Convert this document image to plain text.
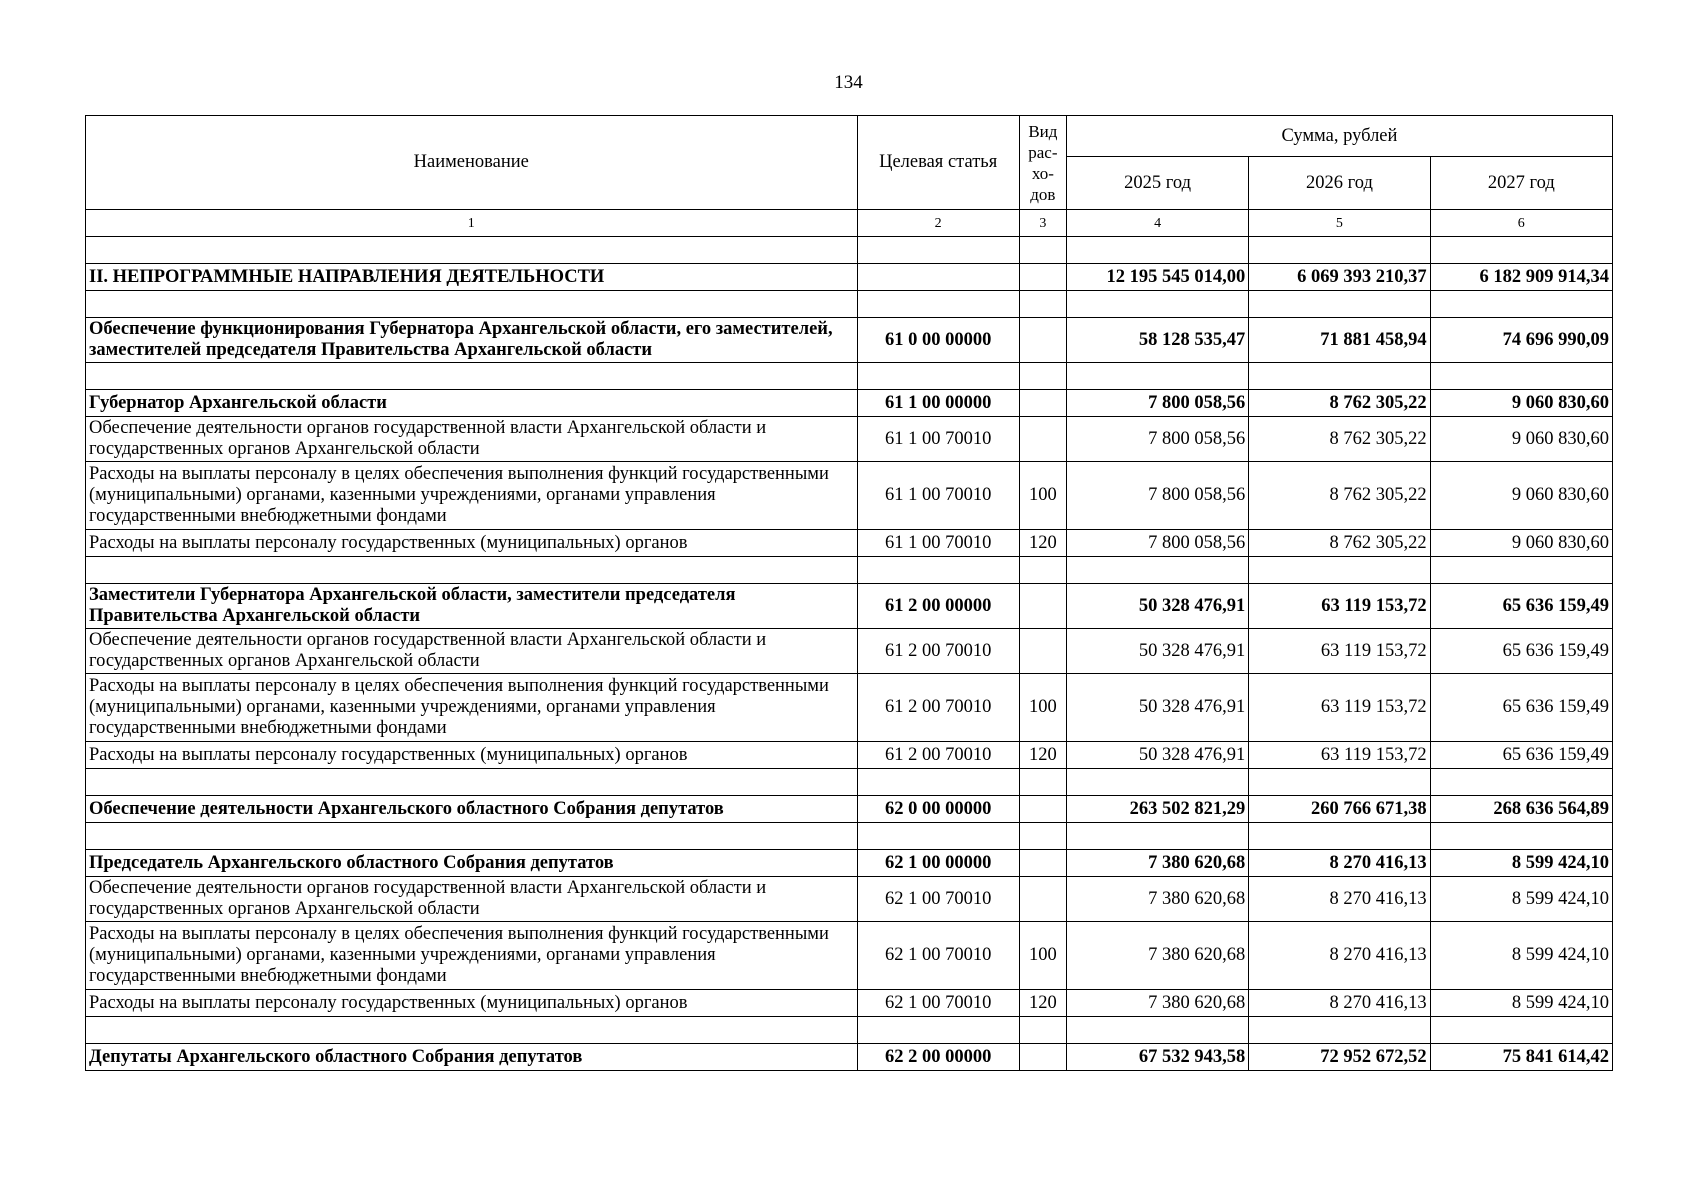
134
Наименование	Целевая статья	Вид рас-хо-дов	Сумма, рублей		
			2025 год	2026 год	2027 год
1	2	3	4	5	6

II. НЕПРОГРАММНЫЕ НАПРАВЛЕНИЯ ДЕЯТЕЛЬНОСТИ			12 195 545 014,00	6 069 393 210,37	6 182 909 914,34

Обеспечение функционирования Губернатора Архангельской области, его заместителей, заместителей председателя Правительства Архангельской области	61 0 00 00000		58 128 535,47	71 881 458,94	74 696 990,09

Губернатор Архангельской области	61 1 00 00000		7 800 058,56	8 762 305,22	9 060 830,60
Обеспечение деятельности органов государственной власти Архангельской области и государственных органов Архангельской области	61 1 00 70010		7 800 058,56	8 762 305,22	9 060 830,60
Расходы на выплаты персоналу в целях обеспечения выполнения функций государственными (муниципальными) органами, казенными учреждениями, органами управления государственными внебюджетными фондами	61 1 00 70010	100	7 800 058,56	8 762 305,22	9 060 830,60
Расходы на выплаты персоналу государственных (муниципальных) органов	61 1 00 70010	120	7 800 058,56	8 762 305,22	9 060 830,60

Заместители Губернатора Архангельской области, заместители председателя Правительства Архангельской области	61 2 00 00000		50 328 476,91	63 119 153,72	65 636 159,49
Обеспечение деятельности органов государственной власти Архангельской области и государственных органов Архангельской области	61 2 00 70010		50 328 476,91	63 119 153,72	65 636 159,49
Расходы на выплаты персоналу в целях обеспечения выполнения функций государственными (муниципальными) органами, казенными учреждениями, органами управления государственными внебюджетными фондами	61 2 00 70010	100	50 328 476,91	63 119 153,72	65 636 159,49
Расходы на выплаты персоналу государственных (муниципальных) органов	61 2 00 70010	120	50 328 476,91	63 119 153,72	65 636 159,49

Обеспечение деятельности Архангельского областного Собрания депутатов	62 0 00 00000		263 502 821,29	260 766 671,38	268 636 564,89

Председатель Архангельского областного Собрания депутатов	62 1 00 00000		7 380 620,68	8 270 416,13	8 599 424,10
Обеспечение деятельности органов государственной власти Архангельской области и государственных органов Архангельской области	62 1 00 70010		7 380 620,68	8 270 416,13	8 599 424,10
Расходы на выплаты персоналу в целях обеспечения выполнения функций государственными (муниципальными) органами, казенными учреждениями, органами управления государственными внебюджетными фондами	62 1 00 70010	100	7 380 620,68	8 270 416,13	8 599 424,10
Расходы на выплаты персоналу государственных (муниципальных) органов	62 1 00 70010	120	7 380 620,68	8 270 416,13	8 599 424,10

Депутаты Архангельского областного Собрания депутатов	62 2 00 00000		67 532 943,58	72 952 672,52	75 841 614,42
